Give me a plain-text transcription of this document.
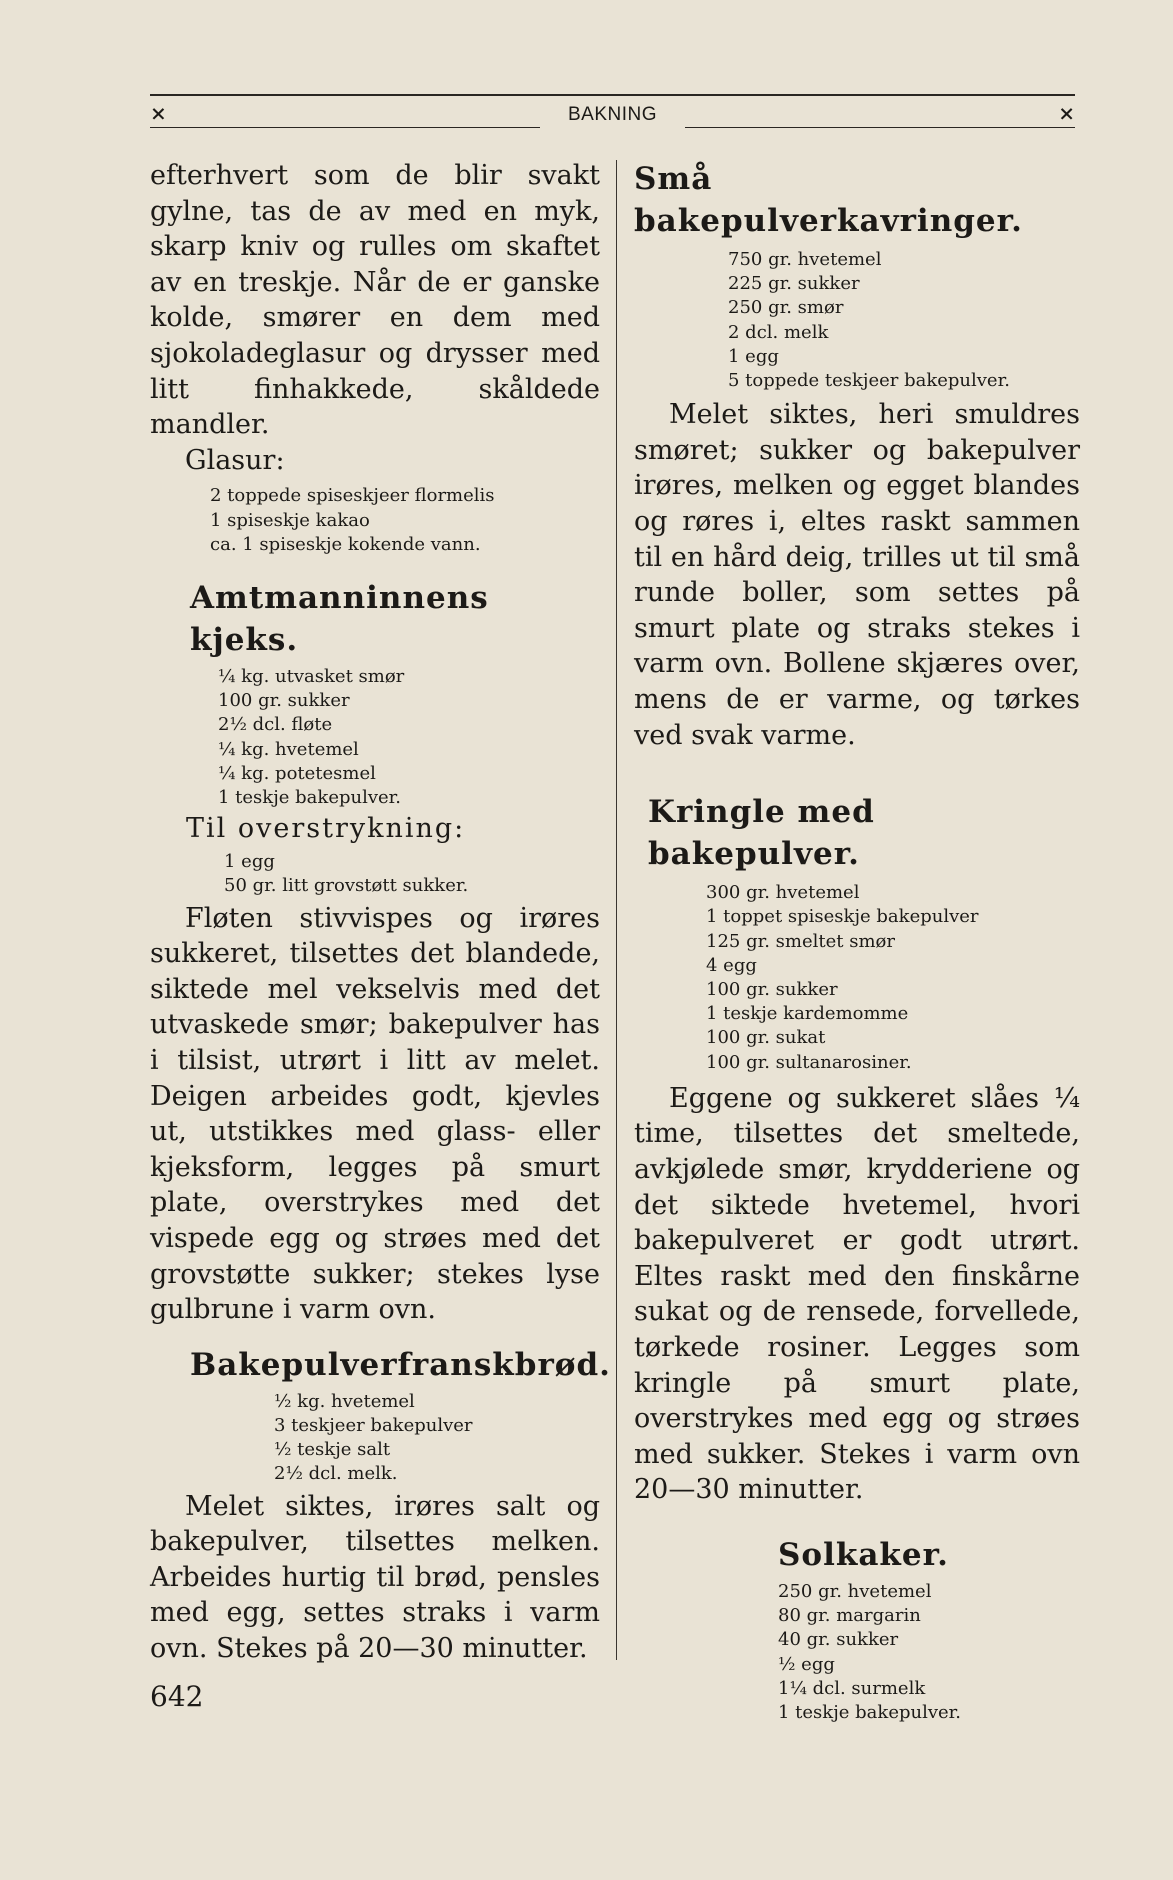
×	BAKNING	×

efterhvert som de blir svakt gylne, tas de av med en myk, skarp kniv og rulles om skaftet av en treskje. Når de er ganske kolde, smører en dem med sjokoladeglasur og drysser med litt finhakkede, skåldede mandler.

Glasur:

2 toppede spiseskjeer flormelis
1 spiseskje kakao
ca. 1 spiseskje kokende vann.
Amtmanninnens kjeks.
¼ kg. utvasket smør
100 gr. sukker
2½ dcl. fløte
¼ kg. hvetemel
¼ kg. potetesmel
1 teskje bakepulver.

Til overstrykning:

1 egg
50 gr. litt grovstøtt sukker.

Fløten stivvispes og irøres sukkeret, tilsettes det blandede, siktede mel vekselvis med det utvaskede smør; bakepulver has i tilsist, utrørt i litt av melet. Deigen arbeides godt, kjevles ut, utstikkes med glass- eller kjeksform, legges på smurt plate, overstrykes med det vispede egg og strøes med det grovstøtte sukker; stekes lyse gulbrune i varm ovn.

Bakepulverfranskbrød.
½ kg. hvetemel
3 teskjeer bakepulver
½ teskje salt
2½ dcl. melk.

Melet siktes, irøres salt og bakepulver, tilsettes melken. Arbeides hurtig til brød, pensles med egg, settes straks i varm ovn. Stekes på 20—30 minutter.

Små bakepulverkavringer.
750 gr. hvetemel
225 gr. sukker
250 gr. smør
2 dcl. melk
1 egg
5 toppede teskjeer bakepulver.

Melet siktes, heri smuldres smøret; sukker og bakepulver irøres, melken og egget blandes og røres i, eltes raskt sammen til en hård deig, trilles ut til små runde boller, som settes på smurt plate og straks stekes i varm ovn. Bollene skjæres over, mens de er varme, og tørkes ved svak varme.

Kringle med bakepulver.
300 gr. hvetemel
1 toppet spiseskje bakepulver
125 gr. smeltet smør
4 egg
100 gr. sukker
1 teskje kardemomme
100 gr. sukat
100 gr. sultanarosiner.

Eggene og sukkeret slåes ¼ time, tilsettes det smeltede, avkjølede smør, krydderiene og det siktede hvetemel, hvori bakepulveret er godt utrørt. Eltes raskt med den finskårne sukat og de rensede, forvellede, tørkede rosiner. Legges som kringle på smurt plate, overstrykes med egg og strøes med sukker. Stekes i varm ovn 20—30 minutter.

Solkaker.
250 gr. hvetemel
80 gr. margarin
40 gr. sukker
½ egg
1¼ dcl. surmelk
1 teskje bakepulver.
642
